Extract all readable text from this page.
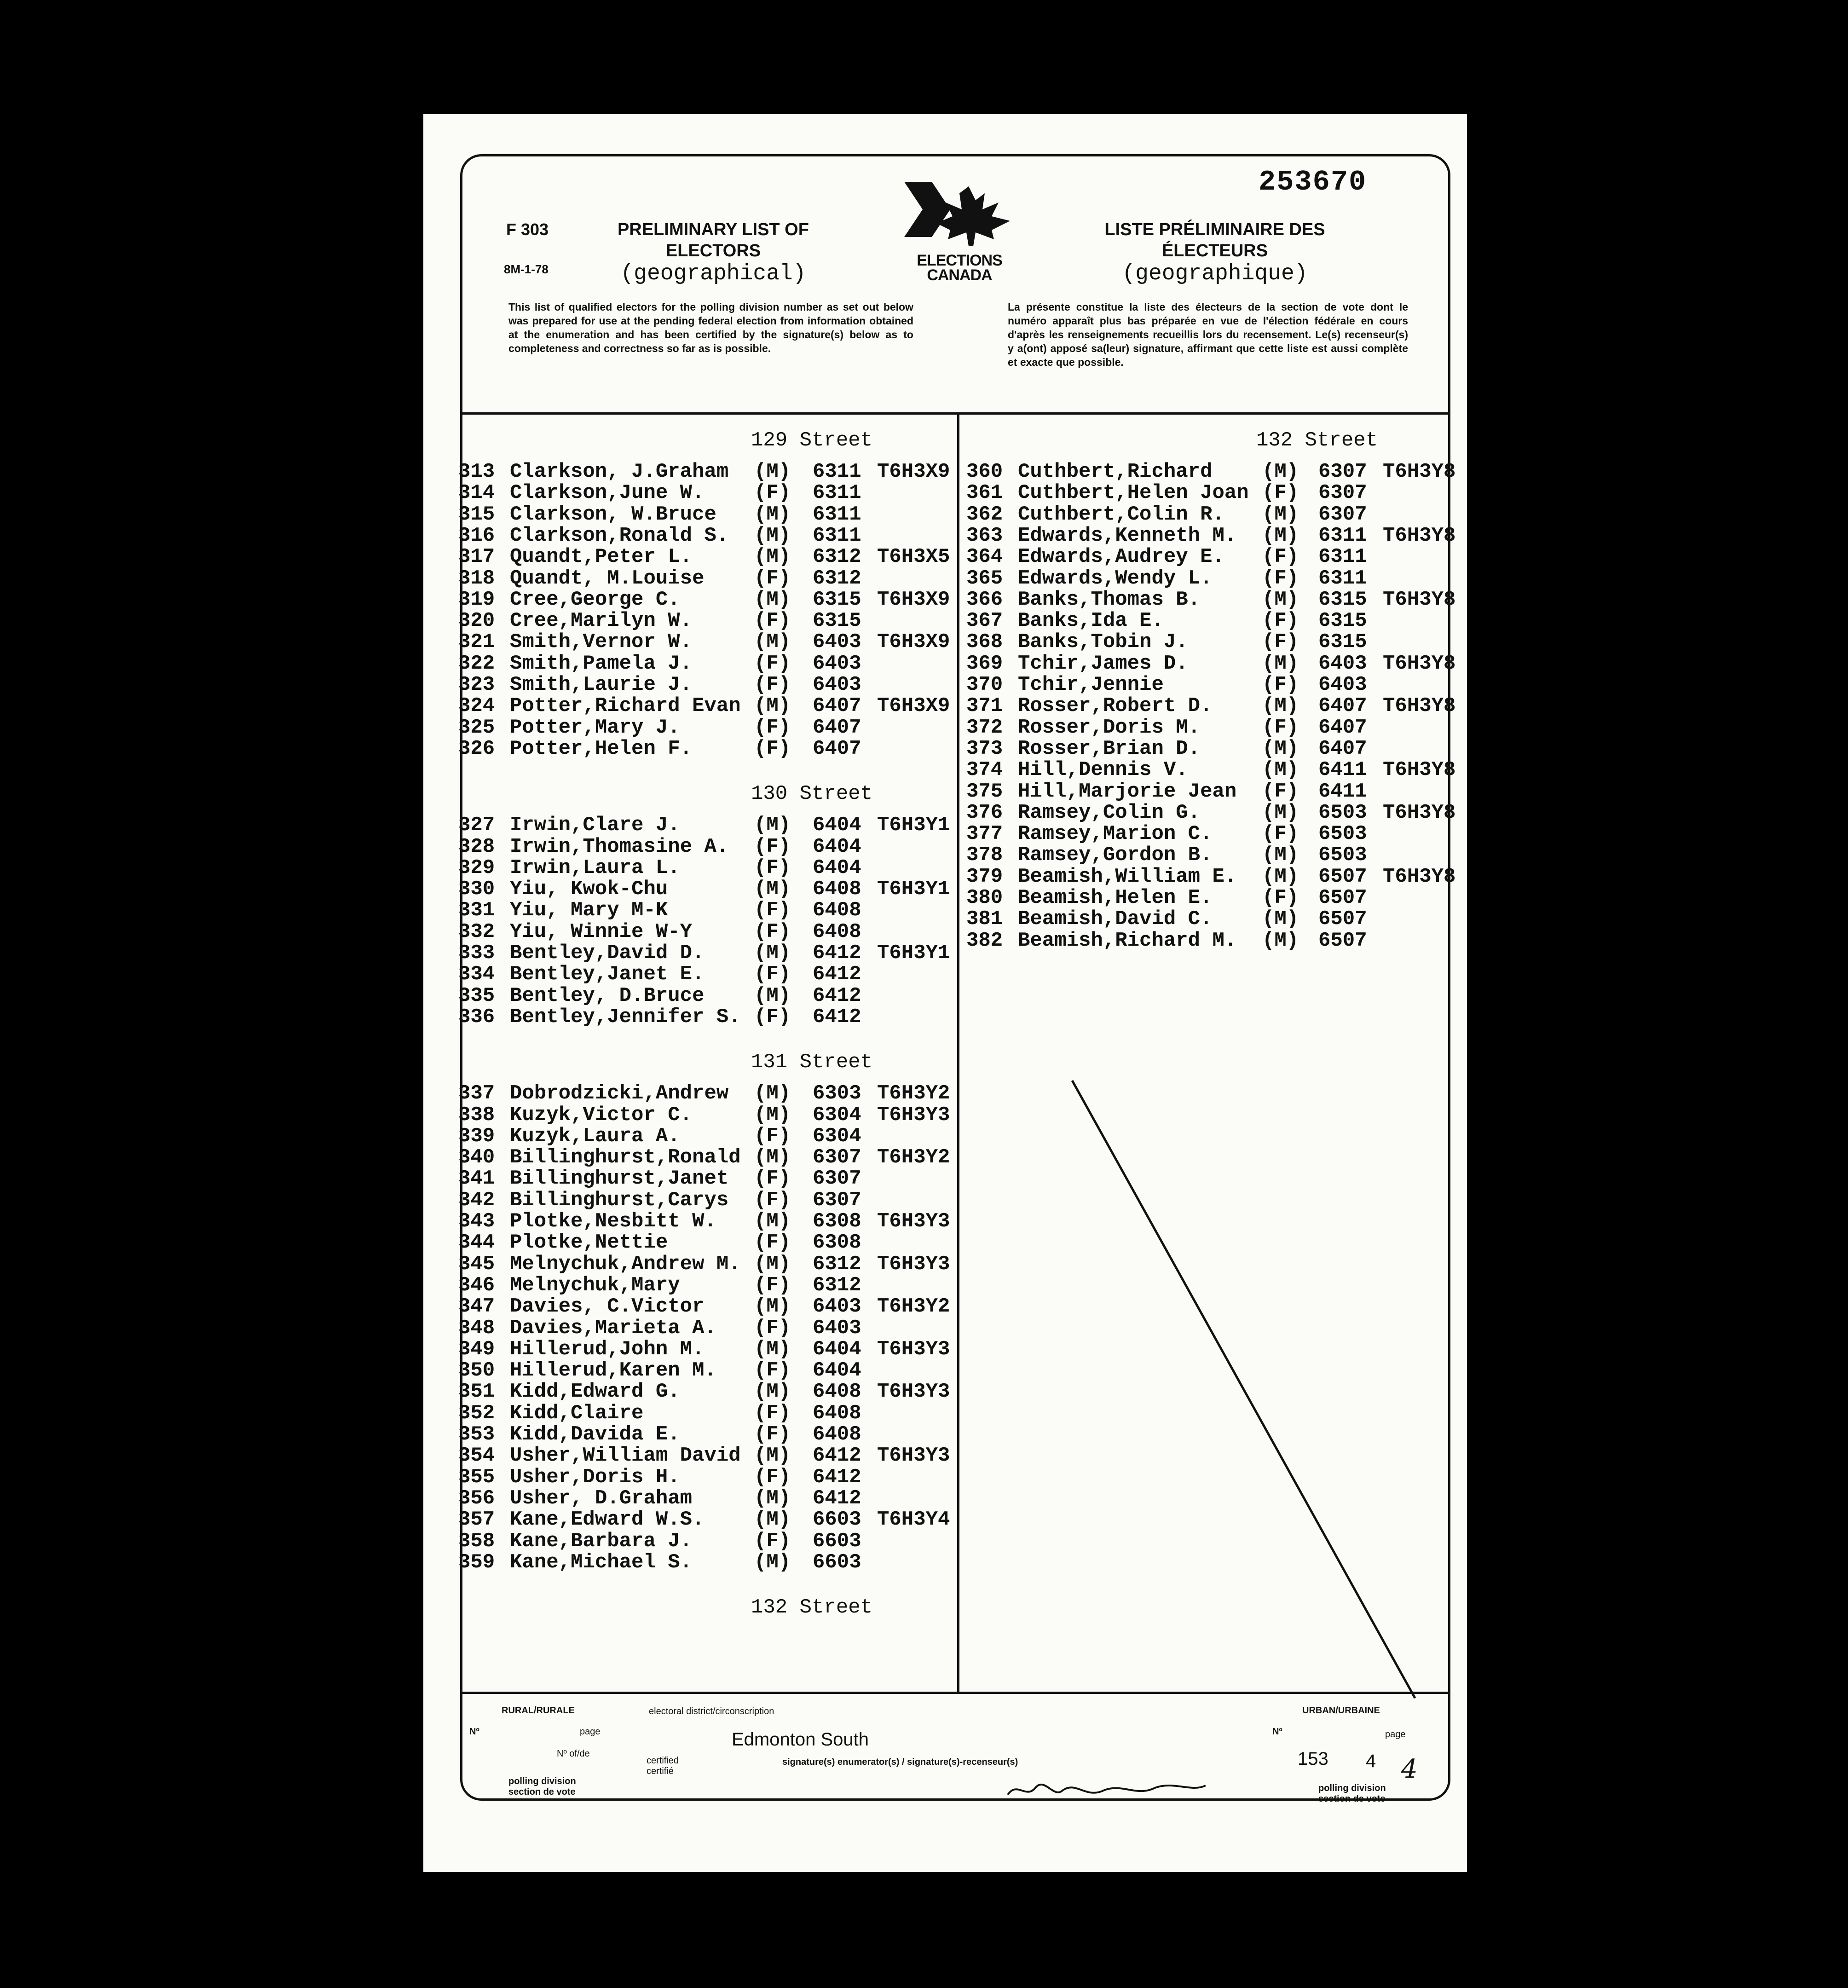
253670
F 303
8M-1-78
PRELIMINARY LIST OF
ELECTORS
(geographical)
LISTE PRÉLIMINAIRE DES
ÉLECTEURS
(geographique)
ELECTIONS
CANADA
This list of qualified electors for the polling division number as set out below was prepared for use at the pending federal election from information obtained at the enumeration and has been certified by the signature(s) below as to completeness and correctness so far as is possible.
La présente constitue la liste des électeurs de la section de vote dont le numéro apparaît plus bas préparée en vue de l'élection fédérale en cours d'après les renseignements recueillis lors du recensement. Le(s) recenseur(s) y a(ont) apposé sa(leur) signature, affirmant que cette liste est aussi complète et exacte que possible.
129 Street
313 Clarkson, J.Graham (M) 6311 T6H3X9
314 Clarkson,June W. (F) 6311
315 Clarkson, W.Bruce (M) 6311
316 Clarkson,Ronald S. (M) 6311
317 Quandt,Peter L.	(M) 6312 T6H3X5
318 Quandt, M.Louise (F) 6312
319 Cree,George C.	(M) 6315 T6H3X9
320 Cree,Marilyn W.	(F) 6315
321 Smith,Vernor W.	(M) 6403 T6H3X9
322 Smith,Pamela J.	(F) 6403
323 Smith,Laurie J.	(F) 6403
324 Potter,Richard Evan (M) 6407 T6H3X9
325 Potter,Mary J.	(F) 6407
326 Potter,Helen F.	(F) 6407
130 Street
327 Irwin,Clare J.	(M) 6404 T6H3Y1
328 Irwin,Thomasine A. (F) 6404
329 Irwin,Laura L.	(F) 6404
330 Yiu, Kwok-Chu	(M) 6408 T6H3Y1
331 Yiu, Mary M-K	(F) 6408
332 Yiu, Winnie W-Y	(F) 6408
333 Bentley,David D. (M) 6412 T6H3Y1
334 Bentley,Janet E. (F) 6412
335 Bentley, D.Bruce (M) 6412
336 Bentley,Jennifer S. (F) 6412
131 Street
337 Dobrodzicki,Andrew (M) 6303 T6H3Y2
338 Kuzyk,Victor C.	(M) 6304 T6H3Y3
339 Kuzyk,Laura A.	(F) 6304
340 Billinghurst,Ronald (M) 6307 T6H3Y2
341 Billinghurst,Janet (F) 6307
342 Billinghurst,Carys (F) 6307
343 Plotke,Nesbitt W. (M) 6308 T6H3Y3
344 Plotke,Nettie	(F) 6308
345 Melnychuk,Andrew M. (M) 6312 T6H3Y3
346 Melnychuk,Mary	(F) 6312
347 Davies, C.Victor (M) 6403 T6H3Y2
348 Davies,Marieta A. (F) 6403
349 Hillerud,John M. (M) 6404 T6H3Y3
350 Hillerud,Karen M. (F) 6404
351 Kidd,Edward G.	(M) 6408 T6H3Y3
352 Kidd,Claire	(F) 6408
353 Kidd,Davida E.	(F) 6408
354 Usher,William David (M) 6412 T6H3Y3
355 Usher,Doris H.	(F) 6412
356 Usher, D.Graham	(M) 6412
357 Kane,Edward W.S. (M) 6603 T6H3Y4
358 Kane,Barbara J.	(F) 6603
359 Kane,Michael S.	(M) 6603
132 Street
132 Street
360 Cuthbert,Richard (M) 6307 T6H3Y8
361 Cuthbert,Helen Joan (F) 6307
362 Cuthbert,Colin R. (M) 6307
363 Edwards,Kenneth M. (M) 6311 T6H3Y8
364 Edwards,Audrey E. (F) 6311
365 Edwards,Wendy L. (F) 6311
366 Banks,Thomas B.	(M) 6315 T6H3Y8
367 Banks,Ida E.	(F) 6315
368 Banks,Tobin J.	(F) 6315
369 Tchir,James D.	(M) 6403 T6H3Y8
370 Tchir,Jennie	(F) 6403
371 Rosser,Robert D. (M) 6407 T6H3Y8
372 Rosser,Doris M.	(F) 6407
373 Rosser,Brian D.	(M) 6407
374 Hill,Dennis V.	(M) 6411 T6H3Y8
375 Hill,Marjorie Jean (F) 6411
376 Ramsey,Colin G.	(M) 6503 T6H3Y8
377 Ramsey,Marion C. (F) 6503
378 Ramsey,Gordon B. (M) 6503
379 Beamish,William E. (M) 6507 T6H3Y8
380 Beamish,Helen E. (F) 6507
381 Beamish,David C. (M) 6507
382 Beamish,Richard M. (M) 6507
RURAL/RURALE	electoral district/circonscription	URBAN/URBAINE
Nº	page
Nº of/de
Edmonton South
certified certifié
signature(s) enumerator(s) / signature(s)-recenseur(s)
polling division section de vote
Nº	page
153 4 4
polling division section de vote
